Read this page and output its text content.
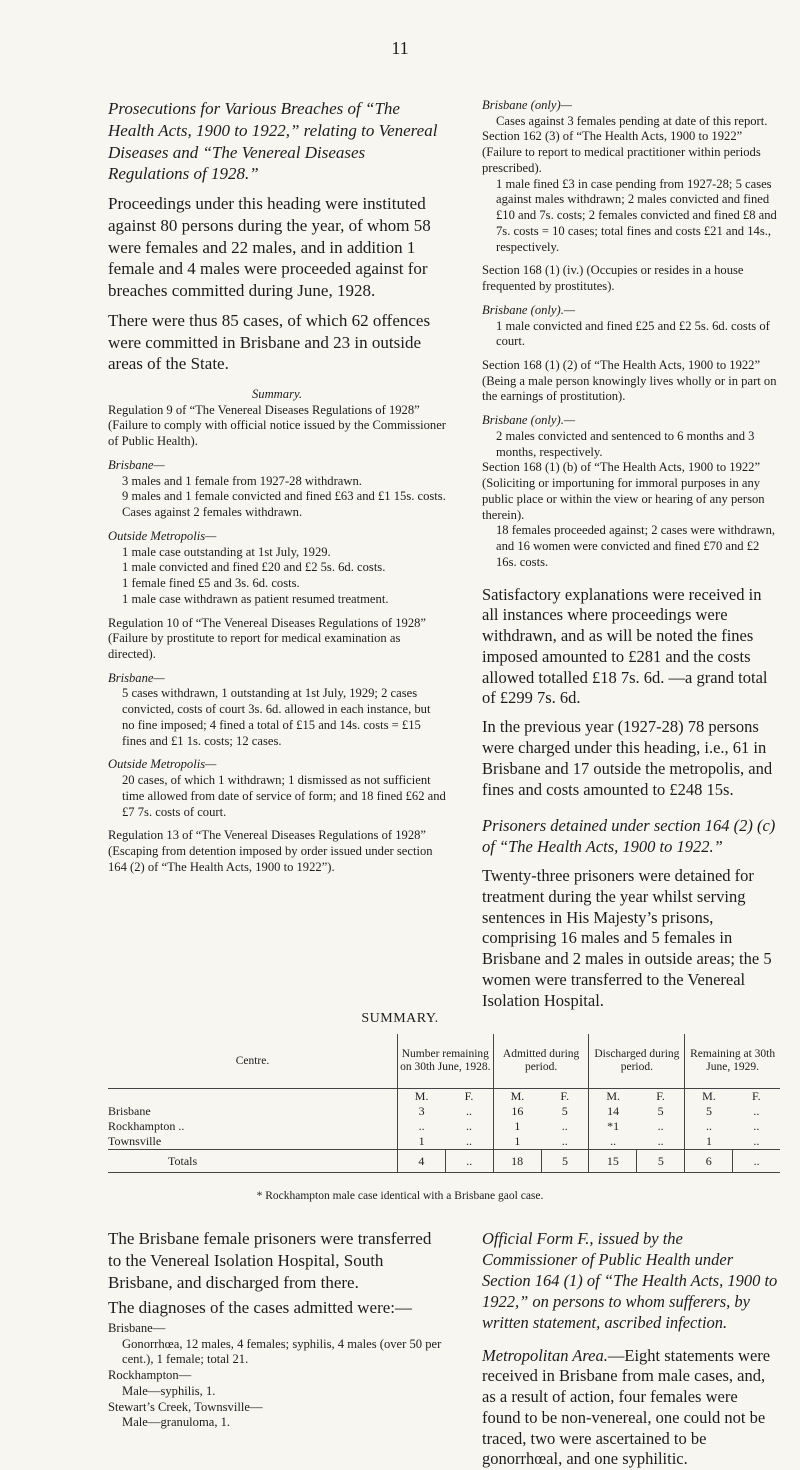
11

Prosecutions for Various Breaches of “The Health Acts, 1900 to 1922,” relating to Venereal Diseases and “The Venereal Diseases Regulations of 1928.”

Proceedings under this heading were instituted against 80 persons during the year, of whom 58 were females and 22 males, and in addition 1 female and 4 males were proceeded against for breaches committed during June, 1928.

There were thus 85 cases, of which 62 offences were committed in Brisbane and 23 in outside areas of the State.

Summary.

Regulation 9 of “The Venereal Diseases Regulations of 1928” (Failure to comply with official notice issued by the Commissioner of Public Health).

Brisbane—

3 males and 1 female from 1927-28 withdrawn.

9 males and 1 female convicted and fined £63 and £1 15s. costs.

Cases against 2 females withdrawn.

Outside Metropolis—

1 male case outstanding at 1st July, 1929.

1 male convicted and fined £20 and £2 5s. 6d. costs.

1 female fined £5 and 3s. 6d. costs.

1 male case withdrawn as patient resumed treatment.

Regulation 10 of “The Venereal Diseases Regulations of 1928” (Failure by prostitute to report for medical examination as directed).

Brisbane—

5 cases withdrawn, 1 outstanding at 1st July, 1929; 2 cases convicted, costs of court 3s. 6d. allowed in each instance, but no fine imposed; 4 fined a total of £15 and 14s. costs = £15 fines and £1 1s. costs; 12 cases.

Outside Metropolis—

20 cases, of which 1 withdrawn; 1 dismissed as not sufficient time allowed from date of service of form; and 18 fined £62 and £7 7s. costs of court.

Regulation 13 of “The Venereal Diseases Regulations of 1928” (Escaping from detention imposed by order issued under section 164 (2) of “The Health Acts, 1900 to 1922”).

Brisbane (only)—

Cases against 3 females pending at date of this report.

Section 162 (3) of “The Health Acts, 1900 to 1922” (Failure to report to medical practitioner within periods prescribed).

1 male fined £3 in case pending from 1927-28; 5 cases against males withdrawn; 2 males convicted and fined £10 and 7s. costs; 2 females convicted and fined £8 and 7s. costs = 10 cases; total fines and costs £21 and 14s., respectively.

Section 168 (1) (iv.) (Occupies or resides in a house frequented by prostitutes).

Brisbane (only).—

1 male convicted and fined £25 and £2 5s. 6d. costs of court.

Section 168 (1) (2) of “The Health Acts, 1900 to 1922” (Being a male person knowingly lives wholly or in part on the earnings of prostitution).

Brisbane (only).—

2 males convicted and sentenced to 6 months and 3 months, respectively.

Section 168 (1) (b) of “The Health Acts, 1900 to 1922” (Soliciting or importuning for immoral purposes in any public place or within the view or hearing of any person therein).

18 females proceeded against; 2 cases were withdrawn, and 16 women were convicted and fined £70 and £2 16s. costs.

Satisfactory explanations were received in all instances where proceedings were withdrawn, and as will be noted the fines imposed amounted to £281 and the costs allowed totalled £18 7s. 6d. —a grand total of £299 7s. 6d.

In the previous year (1927-28) 78 persons were charged under this heading, i.e., 61 in Brisbane and 17 outside the metropolis, and fines and costs amounted to £248 15s.

Prisoners detained under section 164 (2) (c) of “The Health Acts, 1900 to 1922.”

Twenty-three prisoners were detained for treatment during the year whilst serving sentences in His Majesty’s prisons, comprising 16 males and 5 females in Brisbane and 2 males in outside areas; the 5 women were transferred to the Venereal Isolation Hospital.

SUMMARY.
Centre.	Number remaining on 30th June, 1928.		Admitted during period.		Discharged during period.		Remaining at 30th June, 1929.	
	M.	F.	M.	F.	M.	F.	M.	F.
Brisbane	3	..	16	5	14	5	5	..
Rockhampton ..	..	..	1	..	*1	..	..	..
Townsville	1	..	1	..	..	..	1	..
Totals	4	..	18	5	15	5	6	..
* Rockhampton male case identical with a Brisbane gaol case.

The Brisbane female prisoners were transferred to the Venereal Isolation Hospital, South Brisbane, and discharged from there.

The diagnoses of the cases admitted were:—

Brisbane—

Gonorrhœa, 12 males, 4 females; syphilis, 4 males (over 50 per cent.), 1 female; total 21.

Rockhampton—

Male—syphilis, 1.

Stewart’s Creek, Townsville—

Male—granuloma, 1.

Official Form F., issued by the Commissioner of Public Health under Section 164 (1) of “The Health Acts, 1900 to 1922,” on persons to whom sufferers, by written statement, ascribed infection.

Metropolitan Area.—Eight statements were received in Brisbane from male cases, and, as a result of action, four females were found to be non-venereal, one could not be traced, two were ascertained to be gonorrhœal, and one syphilitic.
